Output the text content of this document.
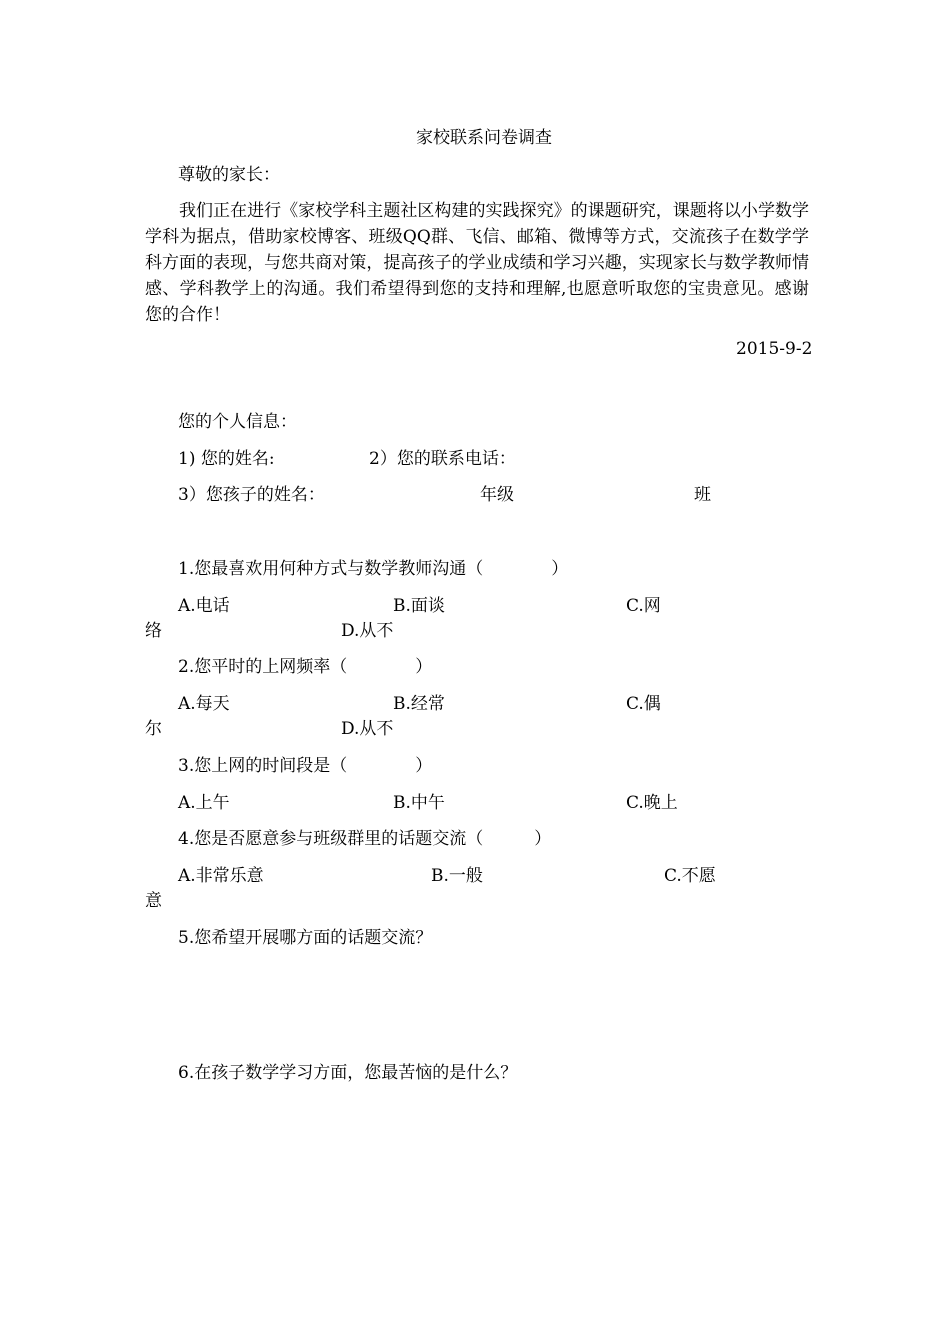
家校联系问卷调查
尊敬的家长：
我们正在进行《家校学科主题社区构建的实践探究》的课题研究，课题将以小学数学学科为据点，借助家校博客、班级QQ群、飞信、邮箱、微博等方式，交流孩子在数学学科方面的表现，与您共商对策，提高孩子的学业成绩和学习兴趣，实现家长与数学教师情感、学科教学上的沟通。我们希望得到您的支持和理解,也愿意听取您的宝贵意见。感谢您的合作！
2015-9-2
您的个人信息：
1) 您的姓名:	2）您的联系电话：
3）您孩子的姓名：	年级	班
1.您最喜欢用何种方式与数学教师沟通（　　　　）
A.电话	B.面谈	C.网
络	D.从不
2.您平时的上网频率（　　　　）
A.每天	B.经常	C.偶
尔	D.从不
3.您上网的时间段是（　　　　）
A.上午	B.中午	C.晚上
4.您是否愿意参与班级群里的话题交流（　　　）
A.非常乐意	B.一般	C.不愿
意
5.您希望开展哪方面的话题交流？
6.在孩子数学学习方面，您最苦恼的是什么？
